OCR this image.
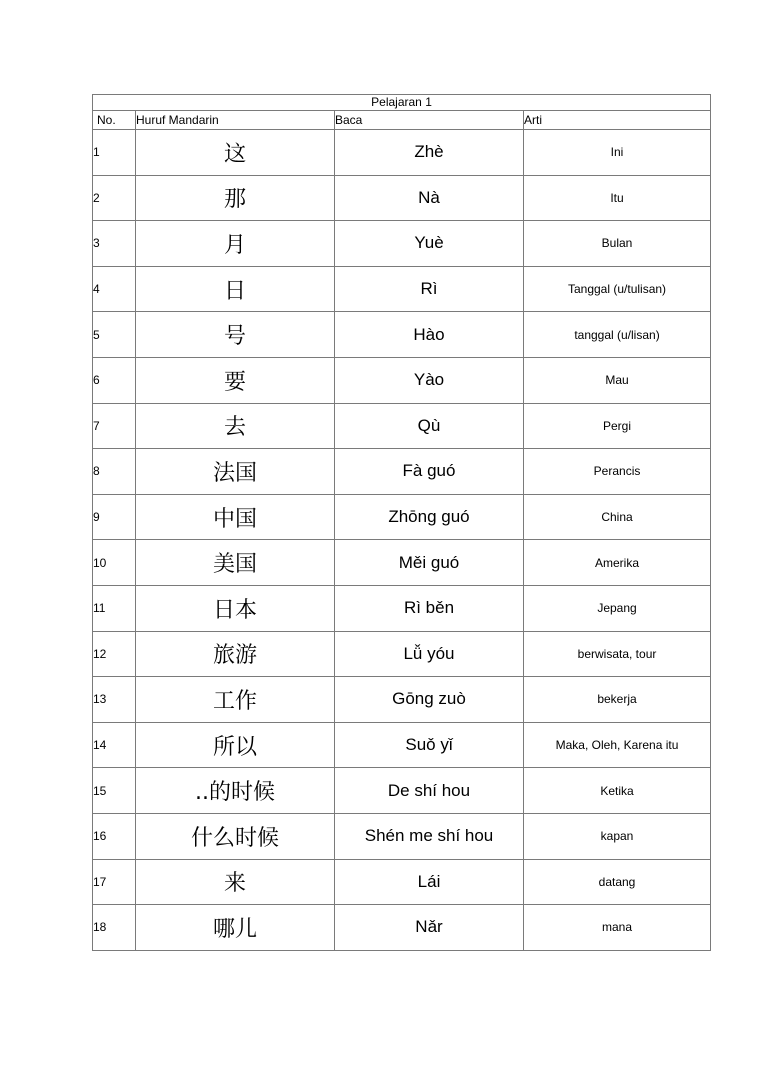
Pelajaran 1			
No.	Huruf Mandarin	Baca	Arti
1	这	Zhè	Ini
2	那	Nà	Itu
3	月	Yuè	Bulan
4	日	Rì	Tanggal (u/tulisan)
5	号	Hào	tanggal (u/lisan)
6	要	Yào	Mau
7	去	Qù	Pergi
8	法国	Fà guó	Perancis
9	中国	Zhōng guó	China
10	美国	Měi guó	Amerika
11	日本	Rì běn	Jepang
12	旅游	Lǚ yóu	berwisata, tour
13	工作	Gōng zuò	bekerja
14	所以	Suǒ yǐ	Maka, Oleh, Karena itu
15	..的时候	De shí hou	Ketika
16	什么时候	Shén me shí hou	kapan
17	来	Lái	datang
18	哪儿	Nǎr	mana
